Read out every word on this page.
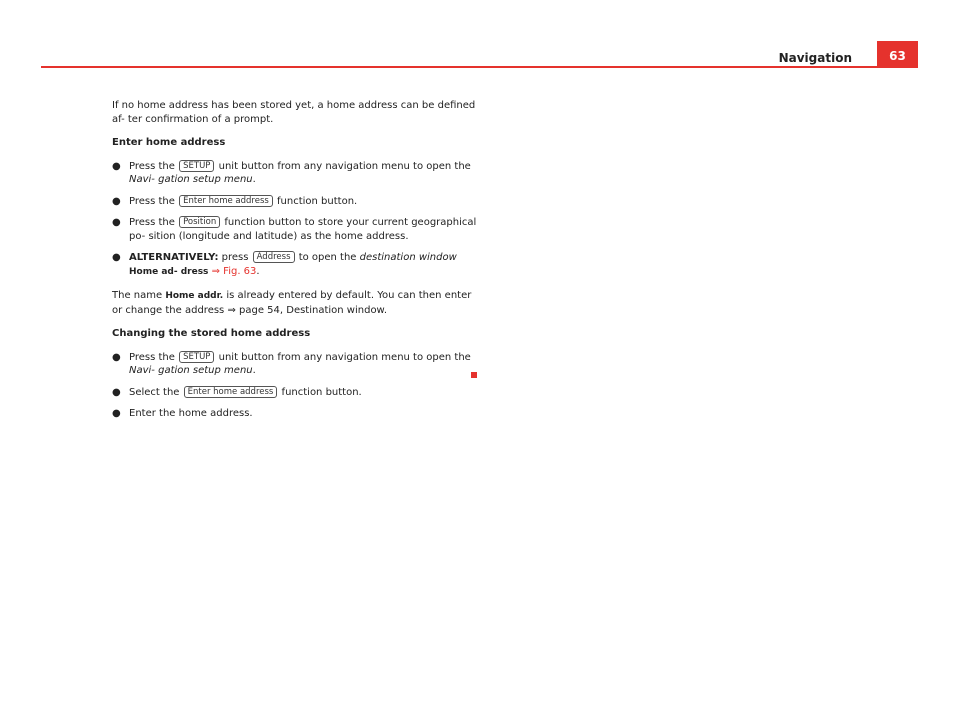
Navigation	63

If no home address has been stored yet, a home address can be defined af- ter confirmation of a prompt.

Enter home address

● Press the SETUP unit button from any navigation menu to open the Navi- gation setup menu.
● Press the Enter home address function button.
● Press the Position function button to store your current geographical po- sition (longitude and latitude) as the home address.
● ALTERNATIVELY: press Address to open the destination window Home ad- dress ⇒ Fig. 63.

The name Home addr. is already entered by default. You can then enter or change the address ⇒ page 54, Destination window.

Changing the stored home address

● Press the SETUP unit button from any navigation menu to open the Navi- gation setup menu.
● Select the Enter home address function button.
● Enter the home address.
